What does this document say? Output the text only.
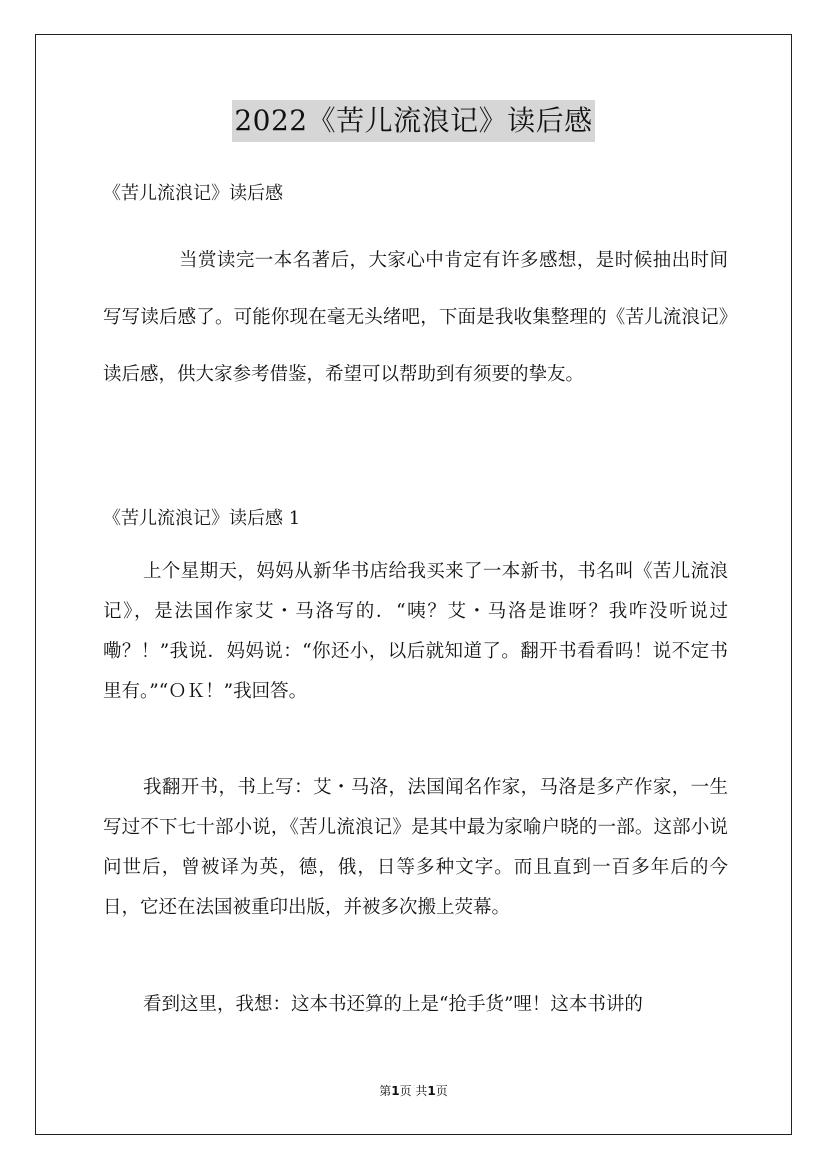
2022《苦儿流浪记》读后感
《苦儿流浪记》读后感
当赏读完一本名著后，大家心中肯定有许多感想，是时候抽出时间写写读后感了。可能你现在毫无头绪吧，下面是我收集整理的《苦儿流浪记》读后感，供大家参考借鉴，希望可以帮助到有须要的挚友。
《苦儿流浪记》读后感 1
上个星期天，妈妈从新华书店给我买来了一本新书，书名叫《苦儿流浪记》，是法国作家艾・马洛写的．“咦？艾・马洛是谁呀？我咋没听说过嘞？！”我说．妈妈说：“你还小，以后就知道了。翻开书看看吗！说不定书里有。”“ＯＫ！”我回答。
我翻开书，书上写：艾・马洛，法国闻名作家，马洛是多产作家，一生写过不下七十部小说，《苦儿流浪记》是其中最为家喻户晓的一部。这部小说问世后，曾被译为英，德，俄，日等多种文字。而且直到一百多年后的今日，它还在法国被重印出版，并被多次搬上荧幕。
看到这里，我想：这本书还算的上是“抢手货”哩！这本书讲的
第1页 共1页
